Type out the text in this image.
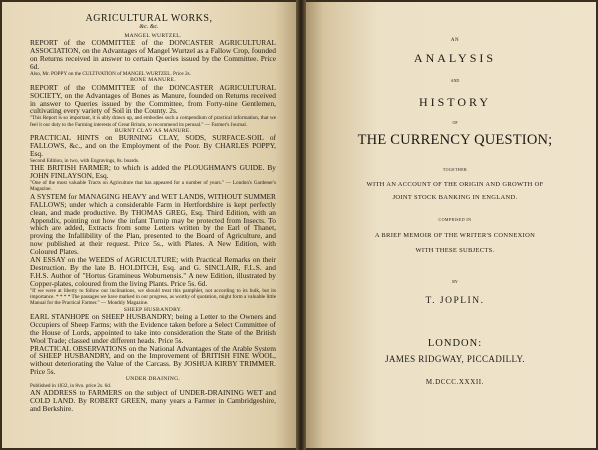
AGRICULTURAL WORKS,
&c. &c.
MANGEL WURTZEL.
REPORT of the COMMITTEE of the DONCASTER AGRICULTURAL ASSOCIATION, on the Advantages of Mangel Wurtzel as a Fallow Crop, founded on Returns received in answer to certain Queries issued by the Committee. Price 6d.
Also, Mr. POPPY on the CULTIVATION of MANGEL WURTZEL. Price 2s.
BONE MANURE.
REPORT of the COMMITTEE of the DONCASTER AGRICULTURAL SOCIETY, on the Advantages of Bones as Manure, founded on Returns received in answer to Queries issued by the Committee, from Forty-nine Gentlemen, cultivating every variety of Soil in the County. 2s.
"This Report is so important, it is ably drawn up, and embodies such a compendium of practical information, that we feel it our duty to the Farming interests of Great Britain, to recommend its perusal." — Farmer's Journal.
BURNT CLAY AS MANURE.
PRACTICAL HINTS on BURNING CLAY, SODS, SURFACE-SOIL of FALLOWS, &c., and on the Employment of the Poor. By CHARLES POPPY, Esq.
Second Edition, in two, with Engravings, 8s. boards.
THE BRITISH FARMER; to which is added the PLOUGHMAN'S GUIDE. By JOHN FINLAYSON, Esq.
"One of the most valuable Tracts on Agriculture that has appeared for a number of years." — London's Gardener's Magazine.
A SYSTEM for MANAGING HEAVY and WET LANDS, WITHOUT SUMMER FALLOWS; under which a considerable Farm in Hertfordshire is kept perfectly clean, and made productive. By THOMAS GREG, Esq. Third Edition, with an Appendix, pointing out how the infant Turnip may be protected from Insects. To which are added, Extracts from some Letters written by the Earl of Thanet, proving the Infallibility of the Plan, presented to the Board of Agriculture, and now published at their request. Price 5s., with Plates. A New Edition, with Coloured Plates.
AN ESSAY on the WEEDS of AGRICULTURE; with Practical Remarks on their Destruction. By the late B. HOLDITCH, Esq. and G. SINCLAIR, F.L.S. and F.H.S. Author of "Hortus Gramineus Woburnensis." A new Edition, illustrated by Copper-plates, coloured from the living Plants. Price 5s. 6d.
"If we were at liberty to follow our inclinations, we should treat this pamphlet, not according to its bulk, but its importance. * * * * The passages we have marked in our progress, as worthy of quotation, might form a valuable little Manual for the Practical Farmer." — Monthly Magazine.
SHEEP HUSBANDRY.
EARL STANHOPE on SHEEP HUSBANDRY; being a Letter to the Owners and Occupiers of Sheep Farms; with the Evidence taken before a Select Committee of the House of Lords, appointed to take into consideration the State of the British Wool Trade; classed under different heads. Price 5s.
PRACTICAL OBSERVATIONS on the National Advantages of the Arable System of SHEEP HUSBANDRY, and on the Improvement of BRITISH FINE WOOL, without deteriorating the Value of the Carcass. By JOSHUA KIRBY TRIMMER. Price 5s.
UNDER DRAINING.
Published in 1832, in 8vo. price 2s. 6d.
AN ADDRESS to FARMERS on the subject of UNDER-DRAINING WET and COLD LAND. By ROBERT GREEN, many years a Farmer in Cambridgeshire, and Berkshire.
AN
ANALYSIS
AND
HISTORY
OF
THE CURRENCY QUESTION;
TOGETHER
WITH AN ACCOUNT OF THE ORIGIN AND GROWTH OF
JOINT STOCK BANKING IN ENGLAND.
COMPRISED IN
A BRIEF MEMOIR OF THE WRITER'S CONNEXION
WITH THESE SUBJECTS.
BY
T. JOPLIN.
LONDON:
JAMES RIDGWAY, PICCADILLY.
M.DCCC.XXXII.
